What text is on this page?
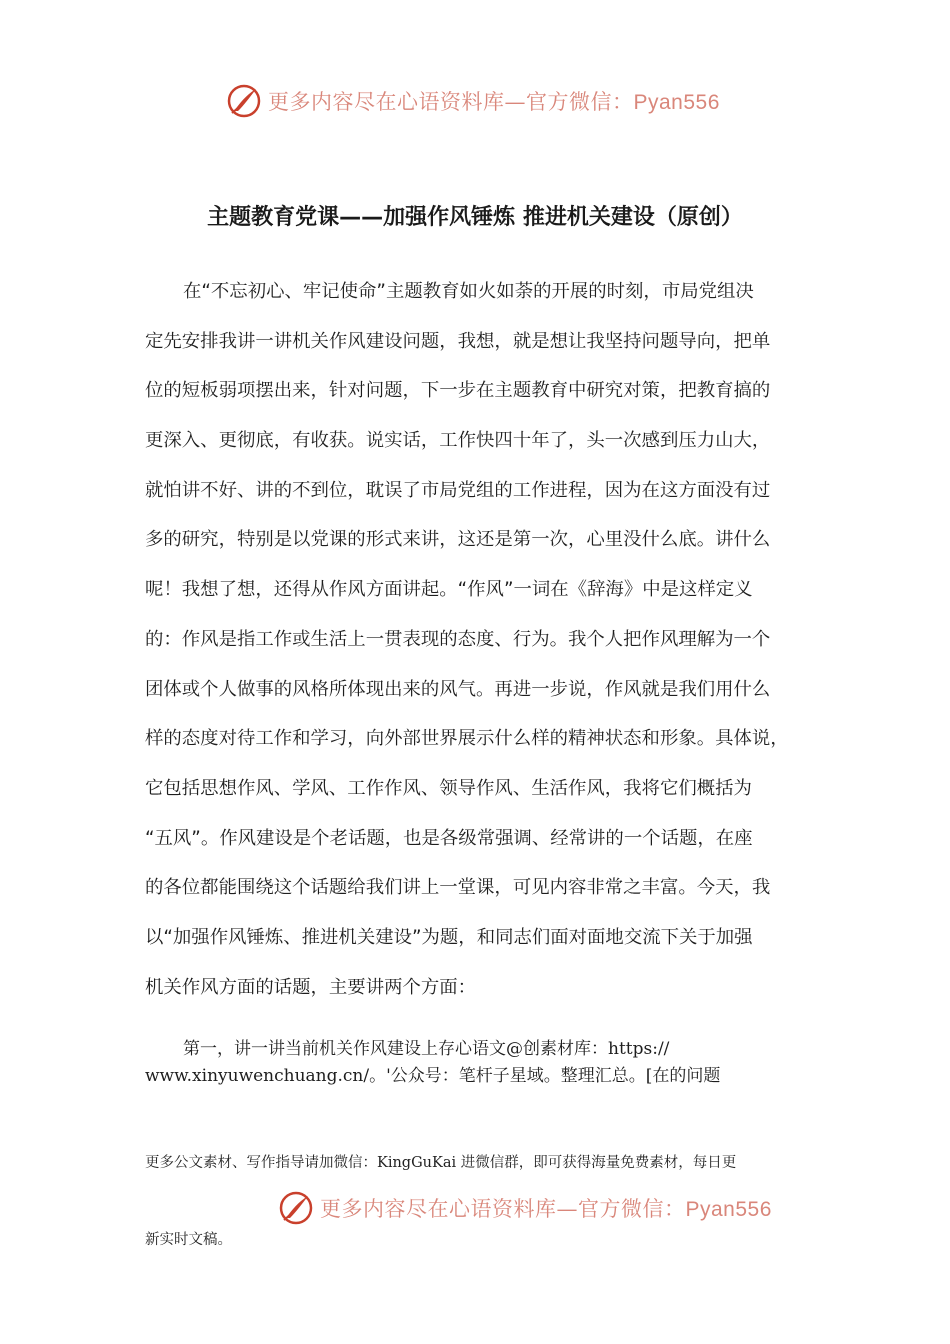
更多内容尽在心语资料库—官方微信：Pyan556
主题教育党课——加强作风锤炼 推进机关建设（原创）
在“不忘初心、牢记使命”主题教育如火如荼的开展的时刻，市局党组决
定先安排我讲一讲机关作风建设问题，我想，就是想让我坚持问题导向，把单
位的短板弱项摆出来，针对问题，下一步在主题教育中研究对策，把教育搞的
更深入、更彻底，有收获。说实话，工作快四十年了，头一次感到压力山大，
就怕讲不好、讲的不到位，耽误了市局党组的工作进程，因为在这方面没有过
多的研究，特别是以党课的形式来讲，这还是第一次，心里没什么底。讲什么
呢！我想了想，还得从作风方面讲起。“作风”一词在《辞海》中是这样定义
的：作风是指工作或生活上一贯表现的态度、行为。我个人把作风理解为一个
团体或个人做事的风格所体现出来的风气。再进一步说，作风就是我们用什么
样的态度对待工作和学习，向外部世界展示什么样的精神状态和形象。具体说，
它包括思想作风、学风、工作作风、领导作风、生活作风，我将它们概括为
“五风”。作风建设是个老话题，也是各级常强调、经常讲的一个话题，在座
的各位都能围绕这个话题给我们讲上一堂课，可见内容非常之丰富。今天，我
以“加强作风锤炼、推进机关建设”为题，和同志们面对面地交流下关于加强
机关作风方面的话题，主要讲两个方面：
第一，讲一讲当前机关作风建设上存心语文@创素材库：https://
www.xinyuwenchuang.cn/。'公众号：笔杆子星域。整理汇总。[在的问题
更多公文素材、写作指导请加微信：KingGuKai 进微信群，即可获得海量免费素材，每日更
更多内容尽在心语资料库—官方微信：Pyan556
新实时文稿。
